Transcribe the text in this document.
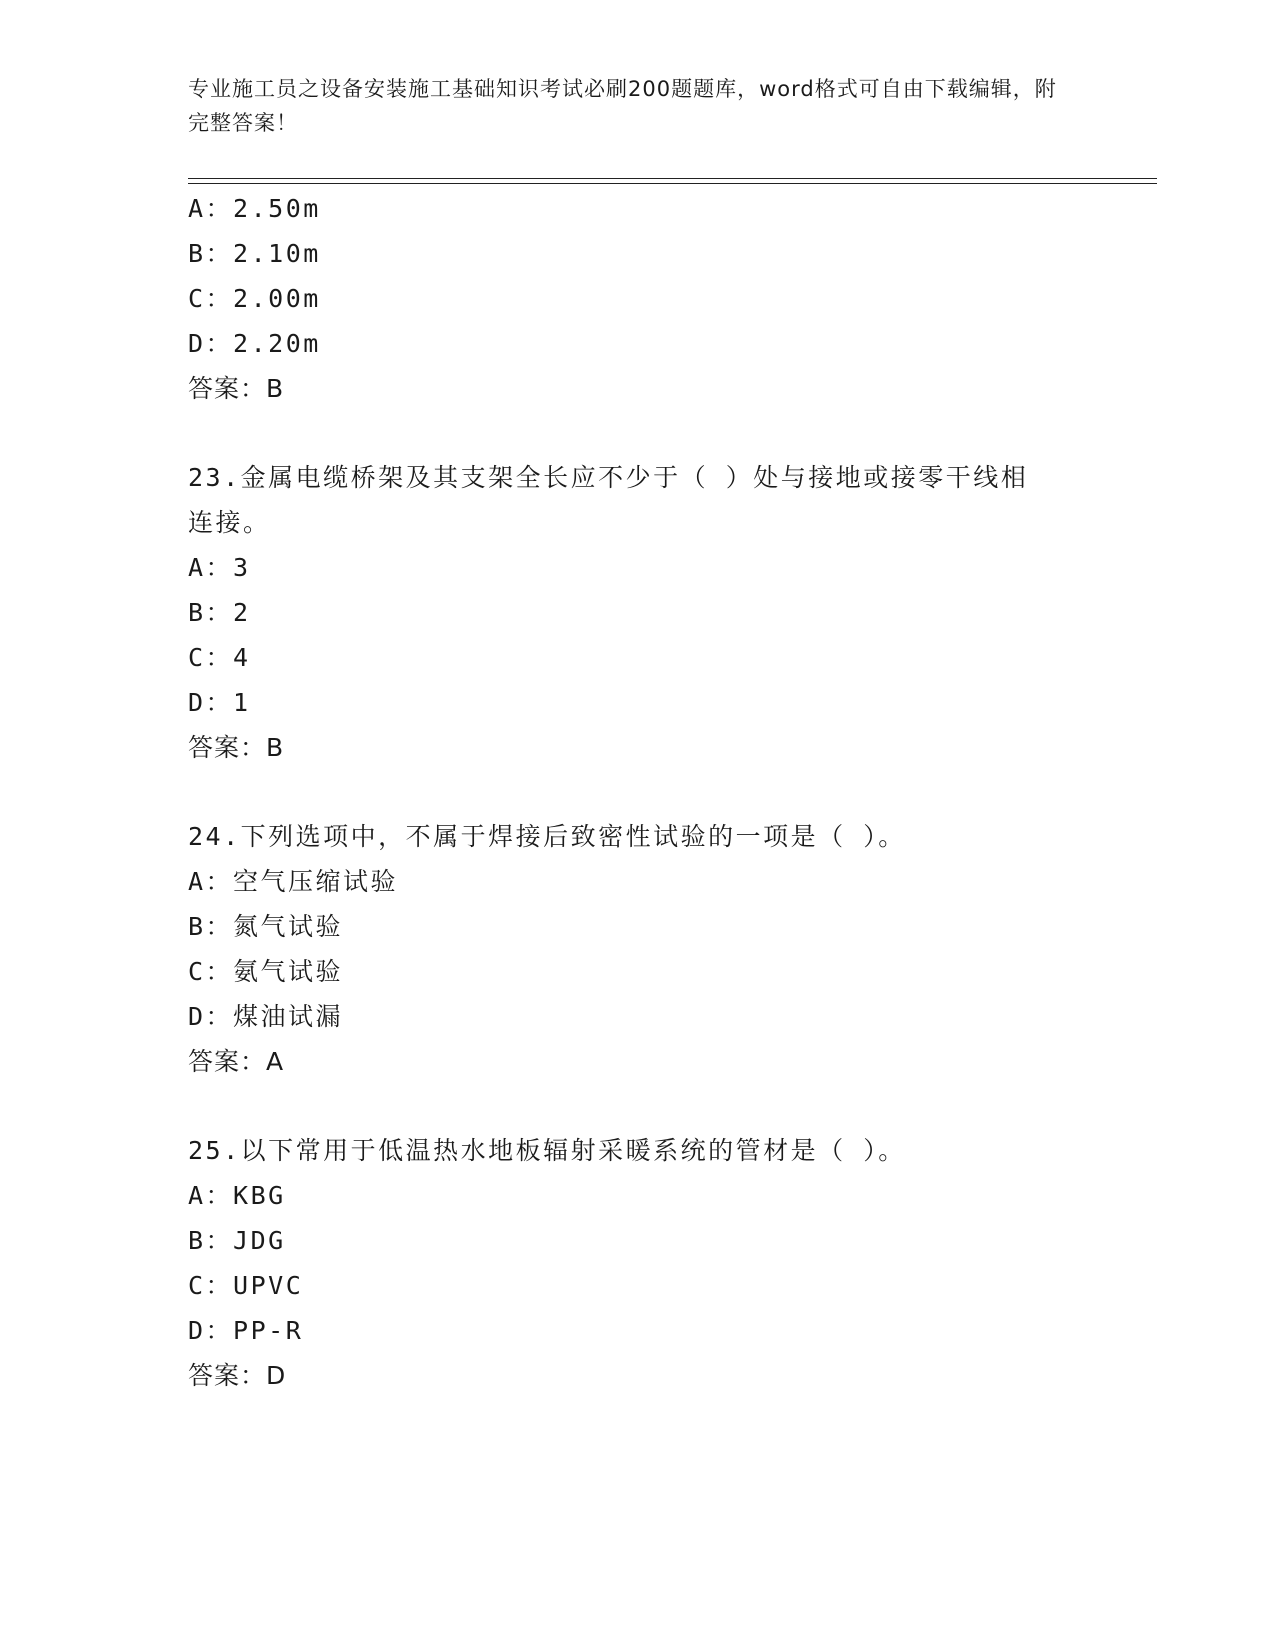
专业施工员之设备安装施工基础知识考试必刷200题题库，word格式可自由下载编辑，附完整答案！
A：2.50m
B：2.10m
C：2.00m
D：2.20m
答案：B
23.金属电缆桥架及其支架全长应不少于（ ）处与接地或接零干线相
连接。
A：3
B：2
C：4
D：1
答案：B
24.下列选项中，不属于焊接后致密性试验的一项是（ ）。
A：空气压缩试验
B：氮气试验
C：氨气试验
D：煤油试漏
答案：A
25.以下常用于低温热水地板辐射采暖系统的管材是（ ）。
A：KBG
B：JDG
C：UPVC
D：PP-R
答案：D
